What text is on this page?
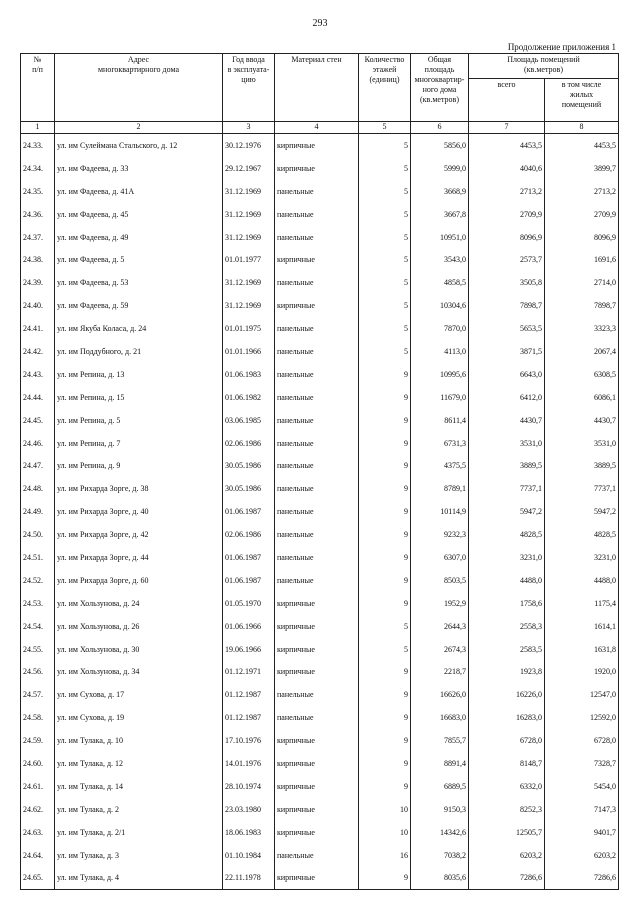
293
Продолжение приложения 1
№
п/п	Адрес
многоквартирного дома	Год ввода
в эксплуата-
цию	Материал стен	Количество
этажей
(единиц)	Общая площадь
многоквартир-
ного дома
(кв.метров)	Площадь помещений
(кв.метров)	
						всего	в том числе
жилых
помещений
1	2	3	4	5	6	7	8
24.33.	ул. им Сулеймана Стальского, д. 12	30.12.1976	кирпичные	5	5856,0	4453,5	4453,5
24.34.	ул. им Фадеева, д. 33	29.12.1967	кирпичные	5	5999,0	4040,6	3899,7
24.35.	ул. им Фадеева, д. 41А	31.12.1969	панельные	5	3668,9	2713,2	2713,2
24.36.	ул. им Фадеева, д. 45	31.12.1969	панельные	5	3667,8	2709,9	2709,9
24.37.	ул. им Фадеева, д. 49	31.12.1969	панельные	5	10951,0	8096,9	8096,9
24.38.	ул. им Фадеева, д. 5	01.01.1977	кирпичные	5	3543,0	2573,7	1691,6
24.39.	ул. им Фадеева, д. 53	31.12.1969	панельные	5	4858,5	3505,8	2714,0
24.40.	ул. им Фадеева, д. 59	31.12.1969	кирпичные	5	10304,6	7898,7	7898,7
24.41.	ул. им Якуба Коласа, д. 24	01.01.1975	панельные	5	7870,0	5653,5	3323,3
24.42.	ул. им Поддубного, д. 21	01.01.1966	панельные	5	4113,0	3871,5	2067,4
24.43.	ул. им Репина, д. 13	01.06.1983	панельные	9	10995,6	6643,0	6308,5
24.44.	ул. им Репина, д. 15	01.06.1982	панельные	9	11679,0	6412,0	6086,1
24.45.	ул. им Репина, д. 5	03.06.1985	панельные	9	8611,4	4430,7	4430,7
24.46.	ул. им Репина, д. 7	02.06.1986	панельные	9	6731,3	3531,0	3531,0
24.47.	ул. им Репина, д. 9	30.05.1986	панельные	9	4375,5	3889,5	3889,5
24.48.	ул. им Рихарда Зорге, д. 38	30.05.1986	панельные	9	8789,1	7737,1	7737,1
24.49.	ул. им Рихарда Зорге, д. 40	01.06.1987	панельные	9	10114,9	5947,2	5947,2
24.50.	ул. им Рихарда Зорге, д. 42	02.06.1986	панельные	9	9232,3	4828,5	4828,5
24.51.	ул. им Рихарда Зорге, д. 44	01.06.1987	панельные	9	6307,0	3231,0	3231,0
24.52.	ул. им Рихарда Зорге, д. 60	01.06.1987	панельные	9	8503,5	4488,0	4488,0
24.53.	ул. им Хользунова, д. 24	01.05.1970	кирпичные	9	1952,9	1758,6	1175,4
24.54.	ул. им Хользунова, д. 26	01.06.1966	кирпичные	5	2644,3	2558,3	1614,1
24.55.	ул. им Хользунова, д. 30	19.06.1966	кирпичные	5	2674,3	2583,5	1631,8
24.56.	ул. им Хользунова, д. 34	01.12.1971	кирпичные	9	2218,7	1923,8	1920,0
24.57.	ул. им Сухова, д. 17	01.12.1987	панельные	9	16626,0	16226,0	12547,0
24.58.	ул. им Сухова, д. 19	01.12.1987	панельные	9	16683,0	16283,0	12592,0
24.59.	ул. им Тулака, д. 10	17.10.1976	кирпичные	9	7855,7	6728,0	6728,0
24.60.	ул. им Тулака, д. 12	14.01.1976	кирпичные	9	8891,4	8148,7	7328,7
24.61.	ул. им Тулака, д. 14	28.10.1974	кирпичные	9	6889,5	6332,0	5454,0
24.62.	ул. им Тулака, д. 2	23.03.1980	кирпичные	10	9150,3	8252,3	7147,3
24.63.	ул. им Тулака, д. 2/1	18.06.1983	кирпичные	10	14342,6	12505,7	9401,7
24.64.	ул. им Тулака, д. 3	01.10.1984	панельные	16	7038,2	6203,2	6203,2
24.65.	ул. им Тулака, д. 4	22.11.1978	кирпичные	9	8035,6	7286,6	7286,6
